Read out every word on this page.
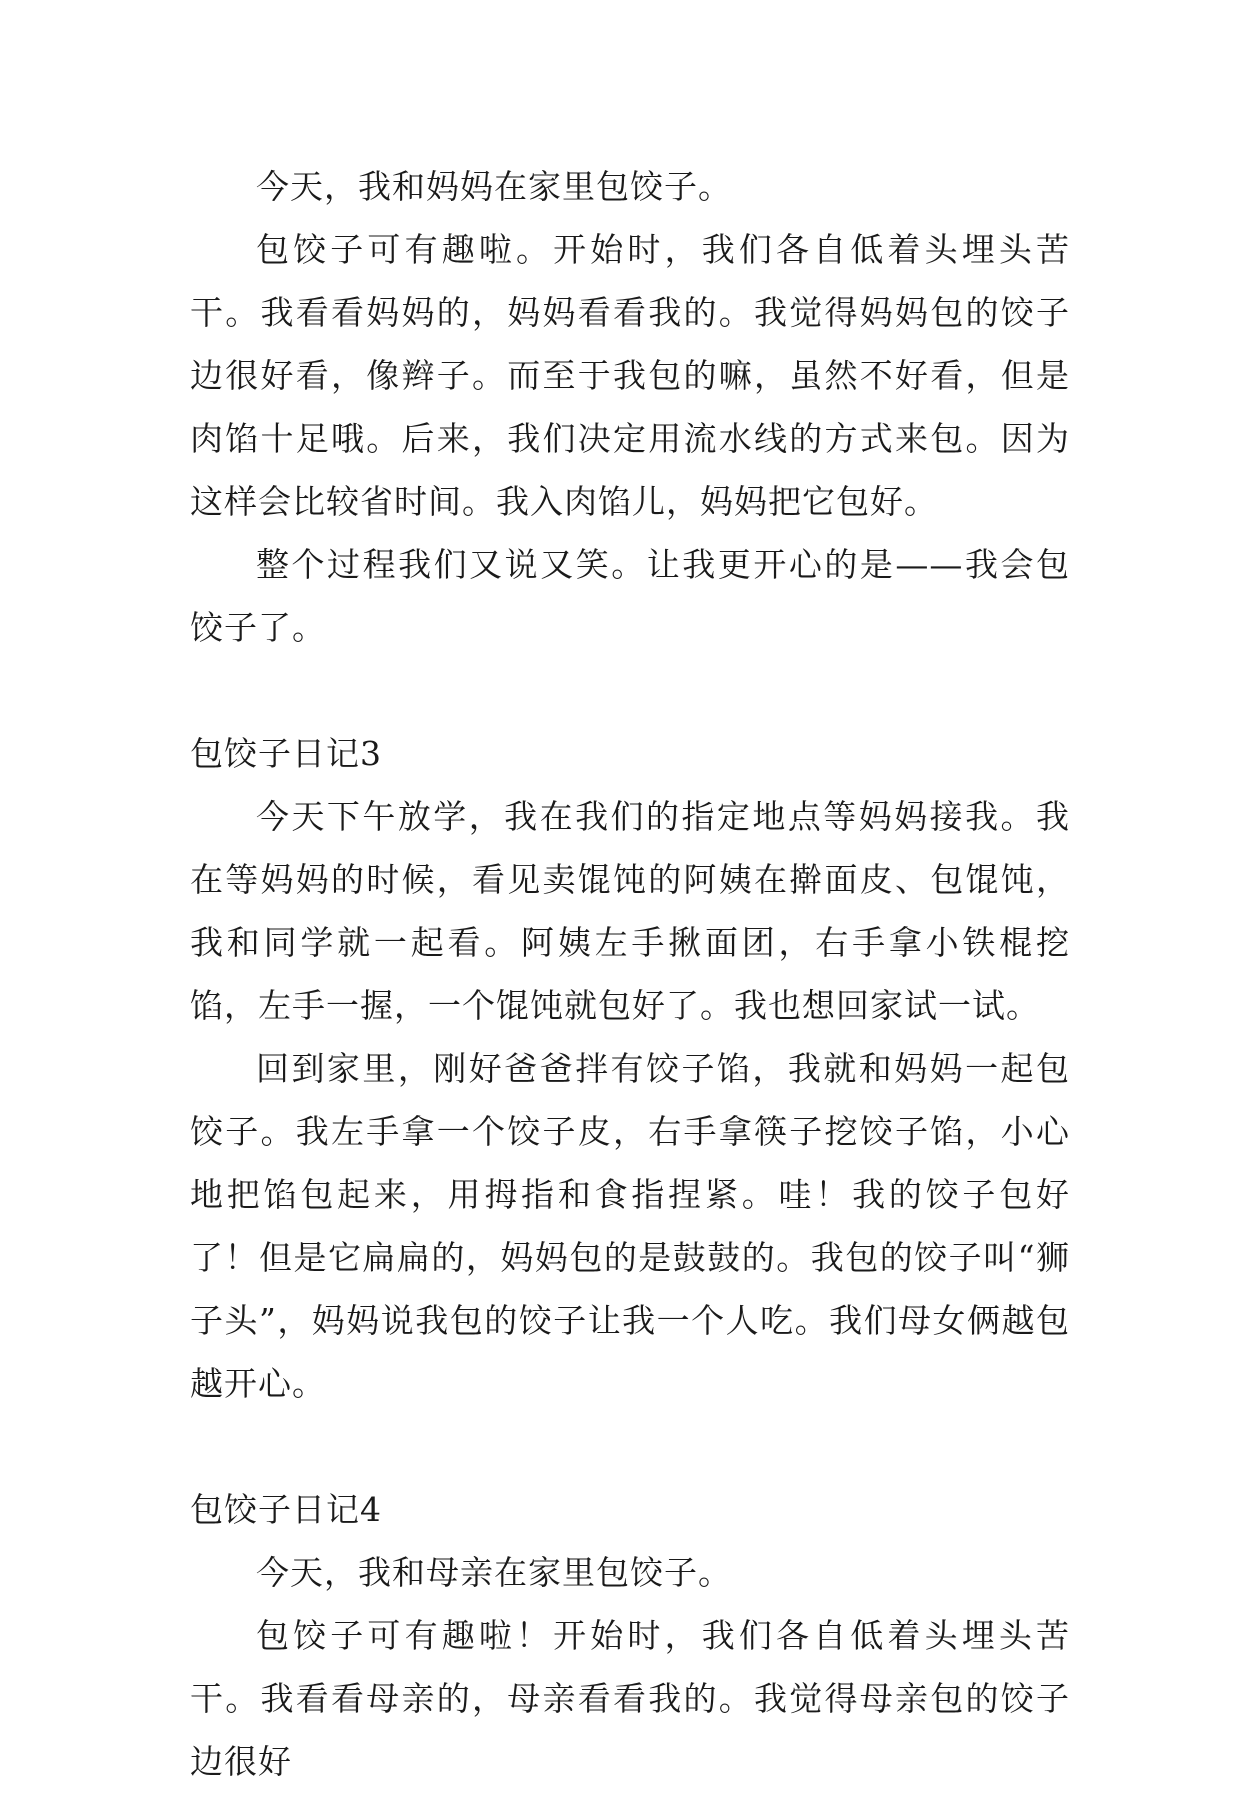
今天，我和妈妈在家里包饺子。

包饺子可有趣啦。开始时，我们各自低着头埋头苦干。我看看妈妈的，妈妈看看我的。我觉得妈妈包的饺子边很好看，像辫子。而至于我包的嘛，虽然不好看，但是肉馅十足哦。后来，我们决定用流水线的方式来包。因为这样会比较省时间。我入肉馅儿，妈妈把它包好。

整个过程我们又说又笑。让我更开心的是——我会包饺子了。

包饺子日记3

今天下午放学，我在我们的指定地点等妈妈接我。我在等妈妈的时候，看见卖馄饨的阿姨在擀面皮、包馄饨，我和同学就一起看。阿姨左手揪面团，右手拿小铁棍挖馅，左手一握，一个馄饨就包好了。我也想回家试一试。

回到家里，刚好爸爸拌有饺子馅，我就和妈妈一起包饺子。我左手拿一个饺子皮，右手拿筷子挖饺子馅，小心地把馅包起来，用拇指和食指捏紧。哇！我的饺子包好了！但是它扁扁的，妈妈包的是鼓鼓的。我包的饺子叫“狮子头”，妈妈说我包的饺子让我一个人吃。我们母女俩越包越开心。

包饺子日记4

今天，我和母亲在家里包饺子。

包饺子可有趣啦！开始时，我们各自低着头埋头苦干。我看看母亲的，母亲看看我的。我觉得母亲包的饺子边很好
